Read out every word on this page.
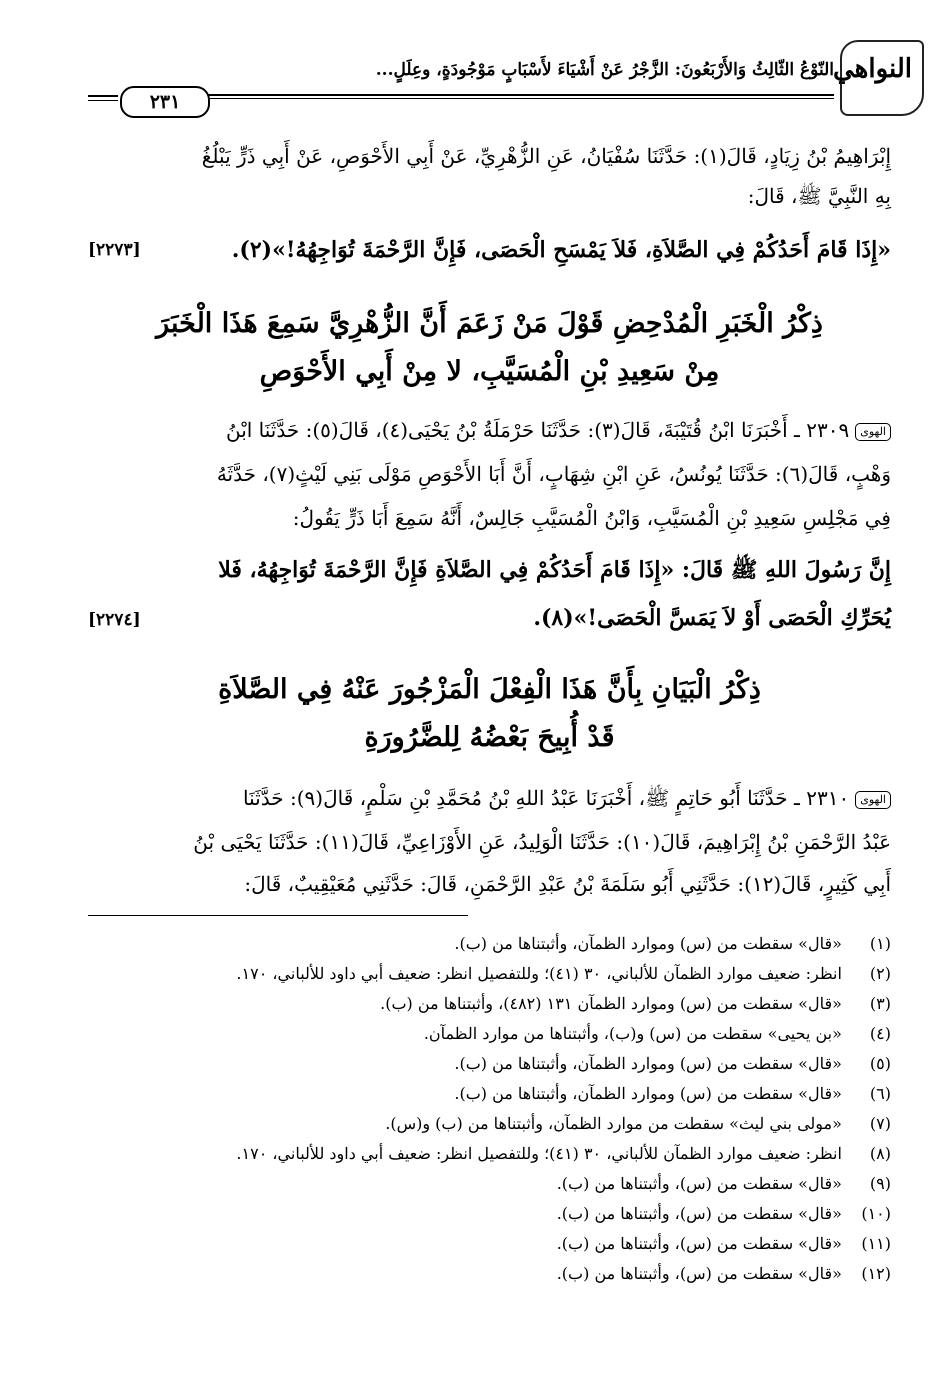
النواهي
النّوْعُ الثّالِثُ وَالأَرْبَعُونَ: الزَّجْرُ عَنْ أَشْيَاءَ لأَسْبَابٍ مَوْجُودَةٍ، وعِلَلٍ...
٢٣١
إِبْرَاهِيمُ بْنُ زِيَادٍ، قَالَ(١): حَدَّثَنَا سُفْيَانُ، عَنِ الزُّهْرِيِّ، عَنْ أَبِي الأَحْوَصِ، عَنْ أَبِي ذَرٍّ يَبْلُغُ
بِهِ النَّبِيَّ ﷺ، قَالَ:
«إِذَا قَامَ أَحَدُكُمْ فِي الصَّلاَةِ، فَلاَ يَمْسَحِ الْحَصَى، فَإِنَّ الرَّحْمَةَ تُوَاجِهُهُ!»(٢).
[٢٢٧٣]
ذِكْرُ الْخَبَرِ الْمُدْحِضِ قَوْلَ مَنْ زَعَمَ أَنَّ الزُّهْرِيَّ سَمِعَ هَذَا الْخَبَرَ
مِنْ سَعِيدِ بْنِ الْمُسَيَّبِ، لا مِنْ أَبِي الأَحْوَصِ
الهوى٢٣٠٩ ـ أَخْبَرَنَا ابْنُ قُتَيْبَةَ، قَالَ(٣): حَدَّثَنَا حَرْمَلَةُ بْنُ يَحْيَى(٤)، قَالَ(٥): حَدَّثَنَا ابْنُ
وَهْبٍ، قَالَ(٦): حَدَّثَنَا يُونُسُ، عَنِ ابْنِ شِهَابٍ، أَنَّ أَبَا الأَحْوَصِ مَوْلَى بَنِي لَيْثٍ(٧)، حَدَّثَهُ
فِي مَجْلِسِ سَعِيدِ بْنِ الْمُسَيَّبِ، وَابْنُ الْمُسَيَّبِ جَالِسٌ، أَنَّهُ سَمِعَ أَبَا ذَرٍّ يَقُولُ:
إِنَّ رَسُولَ اللهِ ﷺ قَالَ: «إِذَا قَامَ أَحَدُكُمْ فِي الصَّلاَةِ فَإِنَّ الرَّحْمَةَ تُوَاجِهُهُ، فَلا
يُحَرِّكِ الْحَصَى أَوْ لاَ يَمَسَّ الْحَصَى!»(٨).
[٢٢٧٤]
ذِكْرُ الْبَيَانِ بِأَنَّ هَذَا الْفِعْلَ الْمَزْجُورَ عَنْهُ فِي الصَّلاَةِ
قَدْ أُبِيحَ بَعْضُهُ لِلضَّرُورَةِ
الهوى٢٣١٠ ـ حَدَّثَنَا أَبُو حَاتِمٍ ﷺ، أَخْبَرَنَا عَبْدُ اللهِ بْنُ مُحَمَّدِ بْنِ سَلْمٍ، قَالَ(٩): حَدَّثَنَا
عَبْدُ الرَّحْمَنِ بْنُ إِبْرَاهِيمَ، قَالَ(١٠): حَدَّثَنَا الْوَلِيدُ، عَنِ الأَوْزَاعِيِّ، قَالَ(١١): حَدَّثَنَا يَحْيَى بْنُ
أَبِي كَثِيرٍ، قَالَ(١٢): حَدَّثَنِي أَبُو سَلَمَةَ بْنُ عَبْدِ الرَّحْمَنِ، قَالَ: حَدَّثَنِي مُعَيْقِيبٌ، قَالَ:
(١) «قال» سقطت من (س) وموارد الظمآن، وأثبتناها من (ب).
(٢) انظر: ضعيف موارد الظمآن للألباني، ٣٠ (٤١)؛ وللتفصيل انظر: ضعيف أبي داود للألباني، ١٧٠.
(٣) «قال» سقطت من (س) وموارد الظمآن ١٣١ (٤٨٢)، وأثبتناها من (ب).
(٤) «بن يحيى» سقطت من (س) و(ب)، وأثبتناها من موارد الظمآن.
(٥) «قال» سقطت من (س) وموارد الظمآن، وأثبتناها من (ب).
(٦) «قال» سقطت من (س) وموارد الظمآن، وأثبتناها من (ب).
(٧) «مولى بني ليث» سقطت من موارد الظمآن، وأثبتناها من (ب) و(س).
(٨) انظر: ضعيف موارد الظمآن للألباني، ٣٠ (٤١)؛ وللتفصيل انظر: ضعيف أبي داود للألباني، ١٧٠.
(٩) «قال» سقطت من (س)، وأثبتناها من (ب).
(١٠) «قال» سقطت من (س)، وأثبتناها من (ب).
(١١) «قال» سقطت من (س)، وأثبتناها من (ب).
(١٢) «قال» سقطت من (س)، وأثبتناها من (ب).
